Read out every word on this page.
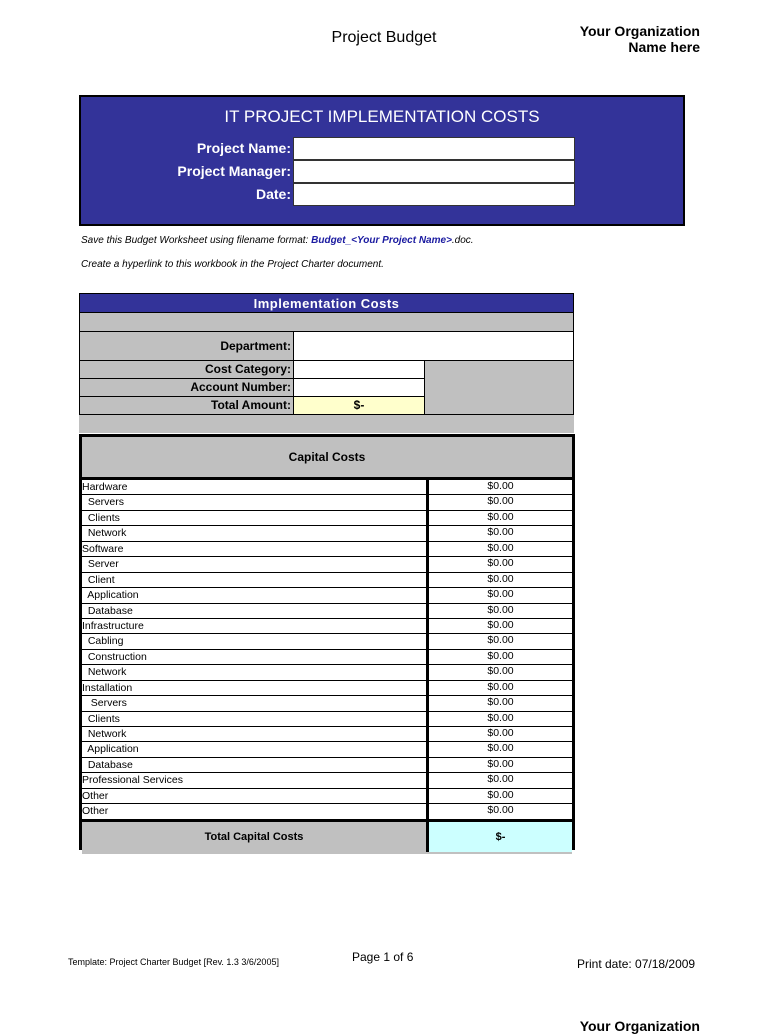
Project Budget	Your Organization
Name here
IT PROJECT IMPLEMENTATION COSTS
Project Name:
Project Manager:
Date:
Save this Budget Worksheet using filename format: Budget_<Your Project Name>.doc.
Create a hyperlink to this workbook in the Project Charter document.
Implementation Costs
Department:
Cost Category:
Account Number:
Total Amount:	$-
Capital Costs
Hardware	$0.00
Servers	$0.00
Clients	$0.00
Network	$0.00
Software	$0.00
Server	$0.00
Client	$0.00
Application	$0.00
Database	$0.00
Infrastructure	$0.00
Cabling	$0.00
Construction	$0.00
Network	$0.00
Installation	$0.00
Servers	$0.00
Clients	$0.00
Network	$0.00
Application	$0.00
Database	$0.00
Professional Services	$0.00
Other	$0.00
Other	$0.00
Total Capital Costs	$-
Template: Project Charter Budget [Rev. 1.3 3/6/2005]	Page 1 of 6	Print date: 07/18/2009
Your Organization
